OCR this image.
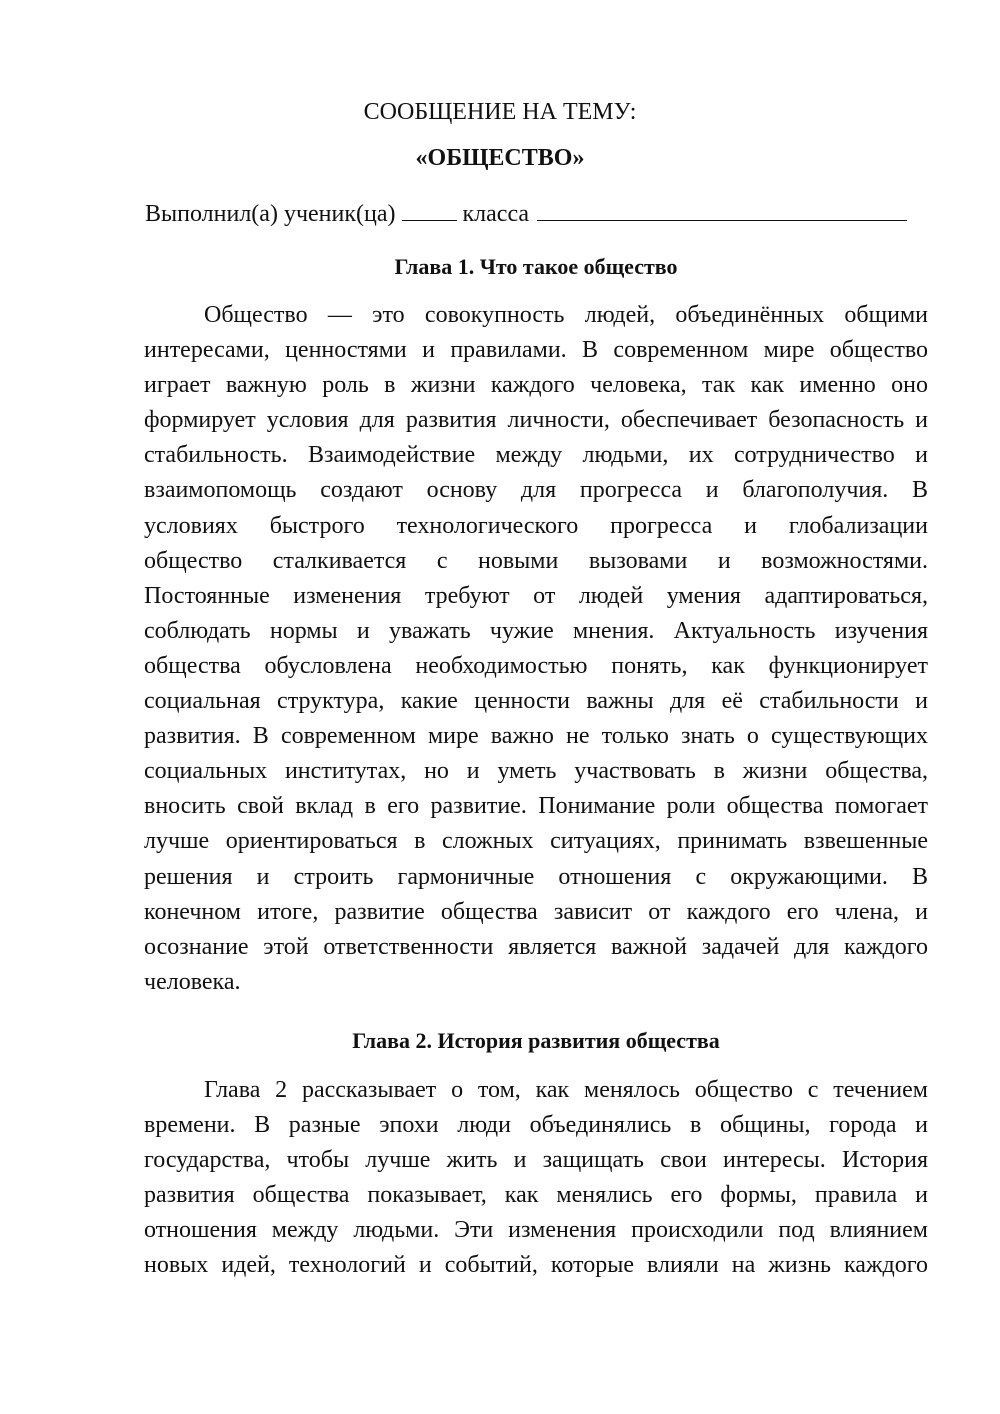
СООБЩЕНИЕ НА ТЕМУ:

«ОБЩЕСТВО»

Выполнил(а) ученик(ца)	класса
Глава 1. Что такое общество
Общество — это совокупность людей, объединённых общими
интересами, ценностями и правилами. В современном мире общество
играет важную роль в жизни каждого человека, так как именно оно
формирует условия для развития личности, обеспечивает безопасность и
стабильность. Взаимодействие между людьми, их сотрудничество и
взаимопомощь создают основу для прогресса и благополучия. В
условиях быстрого технологического прогресса и глобализации
общество сталкивается с новыми вызовами и возможностями.
Постоянные изменения требуют от людей умения адаптироваться,
соблюдать нормы и уважать чужие мнения. Актуальность изучения
общества обусловлена необходимостью понять, как функционирует
социальная структура, какие ценности важны для её стабильности и
развития. В современном мире важно не только знать о существующих
социальных институтах, но и уметь участвовать в жизни общества,
вносить свой вклад в его развитие. Понимание роли общества помогает
лучше ориентироваться в сложных ситуациях, принимать взвешенные
решения и строить гармоничные отношения с окружающими. В
конечном итоге, развитие общества зависит от каждого его члена, и
осознание этой ответственности является важной задачей для каждого
человека.
Глава 2. История развития общества
Глава 2 рассказывает о том, как менялось общество с течением
времени. В разные эпохи люди объединялись в общины, города и
государства, чтобы лучше жить и защищать свои интересы. История
развития общества показывает, как менялись его формы, правила и
отношения между людьми. Эти изменения происходили под влиянием
новых идей, технологий и событий, которые влияли на жизнь каждого
